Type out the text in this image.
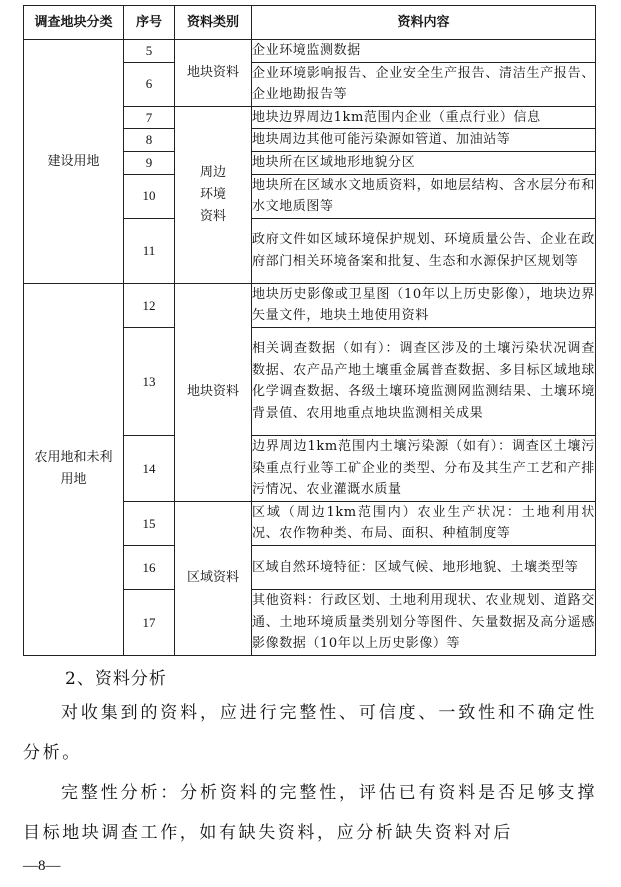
调查地块分类	序号	资料类别	资料内容
建设用地	5	地块资料	企业环境监测数据
	6		企业环境影响报告、企业安全生产报告、清洁生产报告、企业地勘报告等
	7	周边环境资料	地块边界周边1km范围内企业（重点行业）信息
	8		地块周边其他可能污染源如管道、加油站等
	9		地块所在区域地形地貌分区
	10		地块所在区域水文地质资料，如地层结构、含水层分布和水文地质图等
	11		政府文件如区域环境保护规划、环境质量公告、企业在政府部门相关环境备案和批复、生态和水源保护区规划等
农用地和未利用地	12	地块资料	地块历史影像或卫星图（10年以上历史影像），地块边界矢量文件，地块土地使用资料
	13		相关调查数据（如有）：调查区涉及的土壤污染状况调查数据、农产品产地土壤重金属普查数据、多目标区域地球化学调查数据、各级土壤环境监测网监测结果、土壤环境背景值、农用地重点地块监测相关成果
	14		边界周边1km范围内土壤污染源（如有）：调查区土壤污染重点行业等工矿企业的类型、分布及其生产工艺和产排污情况、农业灌溉水质量
	15	区域资料	区域（周边1km范围内）农业生产状况：土地利用状况、农作物种类、布局、面积、种植制度等
	16		区域自然环境特征：区域气候、地形地貌、土壤类型等
	17		其他资料：行政区划、土地利用现状、农业规划、道路交通、土地环境质量类别划分等图件、矢量数据及高分遥感影像数据（10年以上历史影像）等
2、资料分析

对收集到的资料，应进行完整性、可信度、一致性和不确定性分析。

完整性分析：分析资料的完整性，评估已有资料是否足够支撑目标地块调查工作，如有缺失资料，应分析缺失资料对后

—8—
